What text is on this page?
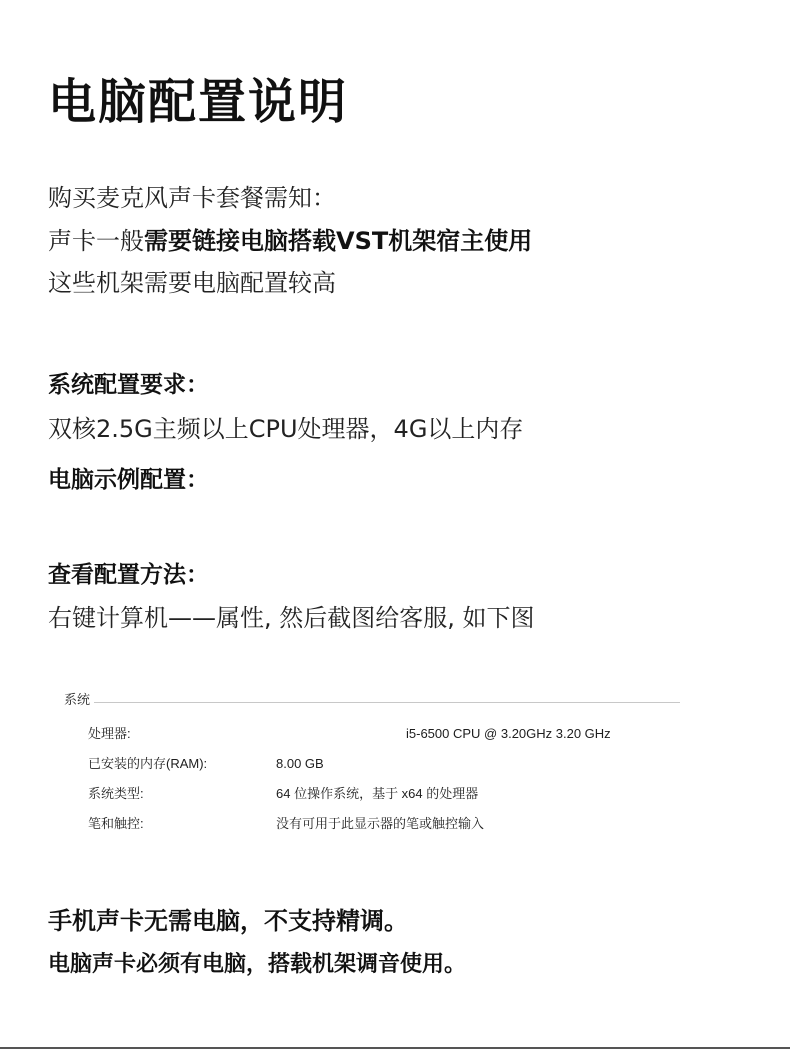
电脑配置说明
购买麦克风声卡套餐需知：
声卡一般需要链接电脑搭载VST机架宿主使用
这些机架需要电脑配置较高
系统配置要求：
双核2.5G主频以上CPU处理器，4G以上内存
电脑示例配置：
查看配置方法：
右键计算机——属性, 然后截图给客服, 如下图
系统
处理器:	i5-6500 CPU @ 3.20GHz 3.20 GHz
已安装的内存(RAM):	8.00 GB
系统类型:	64 位操作系统，基于 x64 的处理器
笔和触控:	没有可用于此显示器的笔或触控输入
手机声卡无需电脑，不支持精调。
电脑声卡必须有电脑，搭载机架调音使用。
